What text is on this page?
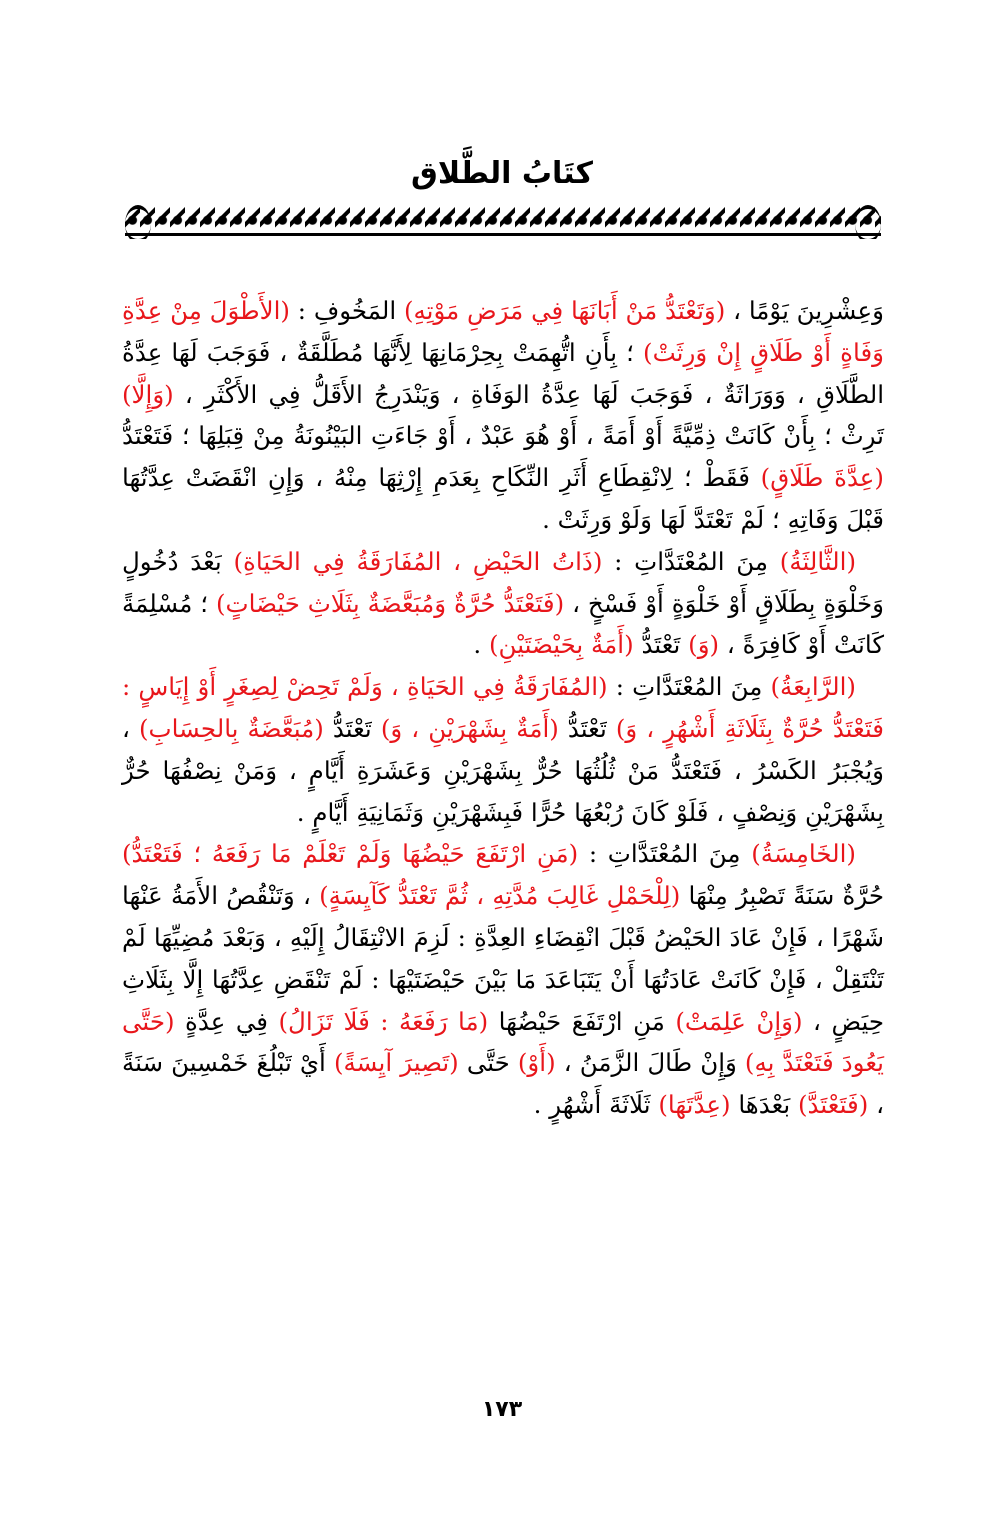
كتَابُ الطَّلاق

وَعِشْرِينَ يَوْمًا ، (وَتَعْتَدُّ مَنْ أَبَانَهَا فِي مَرَضِ مَوْتِهِ) المَخُوفِ : (الأَطْوَلَ مِنْ عِدَّةِ وَفَاةٍ أَوْ طَلَاقٍ إِنْ وَرِثَتْ) ؛ بِأَنِ اتُّهِمَتْ بِحِرْمَانِهَا لِأَنَّهَا مُطَلَّقَةٌ ، فَوَجَبَ لَهَا عِدَّةُ الطَّلَاقِ ، وَوَرَاثَةٌ ، فَوَجَبَ لَهَا عِدَّةُ الوَفَاةِ ، وَيَنْدَرِجُ الأَقَلُّ فِي الأَكْثَرِ ، (وَإِلَّا) تَرِثْ ؛ بِأَنْ كَانَتْ ذِمِّيَّةً أَوْ أَمَةً ، أَوْ هُوَ عَبْدٌ ، أَوْ جَاءَتِ البَيْنُونَةُ مِنْ قِبَلِهَا ؛ فَتَعْتَدُّ (عِدَّةَ طَلَاقٍ) فَقَطْ ؛ لِانْقِطَاعِ أَثَرِ النِّكَاحِ بِعَدَمِ إِرْثِهَا مِنْهُ ، وَإِنِ انْقَضَتْ عِدَّتُهَا قَبْلَ وَفَاتِهِ ؛ لَمْ تَعْتَدَّ لَهَا وَلَوْ وَرِثَتْ .

(الثَّالِثَةُ) مِنَ المُعْتَدَّاتِ : (ذَاتُ الحَيْضِ ، المُفَارَقَةُ فِي الحَيَاةِ) بَعْدَ دُخُولٍ وَخَلْوَةٍ بِطَلَاقٍ أَوْ خَلْوَةٍ أَوْ فَسْخٍ ، (فَتَعْتَدُّ حُرَّةٌ وَمُبَعَّضَةٌ بِثَلَاثِ حَيْضَاتٍ) ؛ مُسْلِمَةً كَانَتْ أَوْ كَافِرَةً ، (وَ) تَعْتَدُّ (أَمَةٌ بِحَيْضَتَيْنِ) .

(الرَّابِعَةُ) مِنَ المُعْتَدَّاتِ : (المُفَارَقَةُ فِي الحَيَاةِ ، وَلَمْ تَحِضْ لِصِغَرٍ أَوْ إِيَاسٍ : فَتَعْتَدُّ حُرَّةٌ بِثَلَاثَةِ أَشْهُرٍ ، وَ) تَعْتَدُّ (أَمَةٌ بِشَهْرَيْنِ ، وَ) تَعْتَدُّ (مُبَعَّضَةٌ بِالحِسَابِ) ، وَيُجْبَرُ الكَسْرُ ، فَتَعْتَدُّ مَنْ ثُلُثُهَا حُرٌّ بِشَهْرَيْنِ وَعَشَرَةِ أَيَّامٍ ، وَمَنْ نِصْفُهَا حُرٌّ بِشَهْرَيْنِ وَنِصْفٍ ، فَلَوْ كَانَ رُبْعُهَا حُرًّا فَبِشَهْرَيْنِ وَثَمَانِيَةِ أَيَّامٍ .

(الخَامِسَةُ) مِنَ المُعْتَدَّاتِ : (مَنِ ارْتَفَعَ حَيْضُهَا وَلَمْ تَعْلَمْ مَا رَفَعَهُ ؛ فَتَعْتَدُّ) حُرَّةٌ سَنَةً تَصْبِرُ مِنْهَا (لِلْحَمْلِ غَالِبَ مُدَّتِهِ ، ثُمَّ تَعْتَدُّ كَآيِسَةٍ) ، وَتَنْقُصُ الأَمَةُ عَنْهَا شَهْرًا ، فَإِنْ عَادَ الحَيْضُ قَبْلَ انْقِضَاءِ العِدَّةِ : لَزِمَ الانْتِقَالُ إِلَيْهِ ، وَبَعْدَ مُضِيِّهَا لَمْ تَنْتَقِلْ ، فَإِنْ كَانَتْ عَادَتُهَا أَنْ يَتَبَاعَدَ مَا بَيْنَ حَيْضَتَيْهَا : لَمْ تَنْقَضِ عِدَّتُهَا إِلَّا بِثَلَاثِ حِيَضٍ ، (وَإِنْ عَلِمَتْ) مَنِ ارْتَفَعَ حَيْضُهَا (مَا رَفَعَهُ : فَلَا تَزَالُ) فِي عِدَّةٍ (حَتَّى يَعُودَ فَتَعْتَدَّ بِهِ) وَإِنْ طَالَ الزَّمَنُ ، (أَوْ) حَتَّى (تَصِيرَ آيِسَةً) أَيْ تَبْلُغَ خَمْسِينَ سَنَةً ، (فَتَعْتَدَّ) بَعْدَهَا (عِدَّتَهَا) ثَلَاثَةَ أَشْهُرٍ .

١٧٣
